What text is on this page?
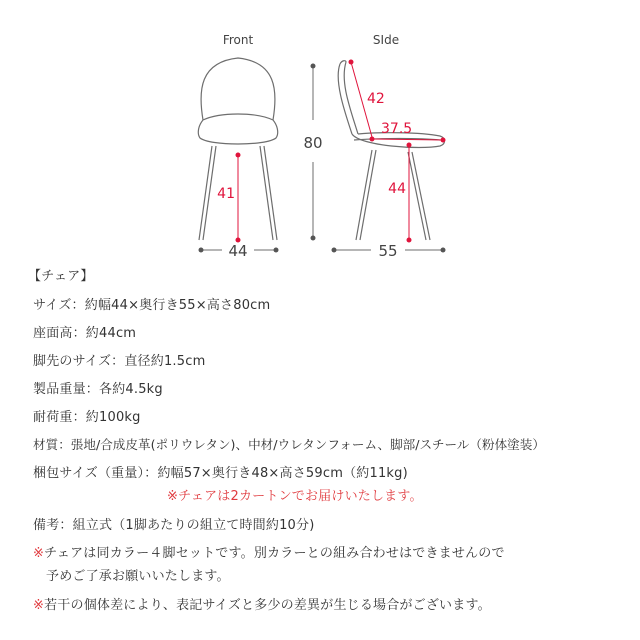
Front
41
44
80
SIde
42
37.5
44
55
【チェア】
サイズ：約幅44×奥行き55×高さ80cm
座面高：約44cm
脚先のサイズ：直径約1.5cm
製品重量：各約4.5kg
耐荷重：約100kg
材質：張地/合成皮革(ポリウレタン)、中材/ウレタンフォーム、脚部/スチール（粉体塗装）
梱包サイズ（重量）：約幅57×奥行き48×高さ59cm（約11kg)
※チェアは2カートンでお届けいたします。
備考：組立式（1脚あたりの組立て時間約10分)
※チェアは同カラー４脚セットです。別カラーとの組み合わせはできませんので
予めご了承お願いいたします。
※若干の個体差により、表記サイズと多少の差異が生じる場合がございます。
